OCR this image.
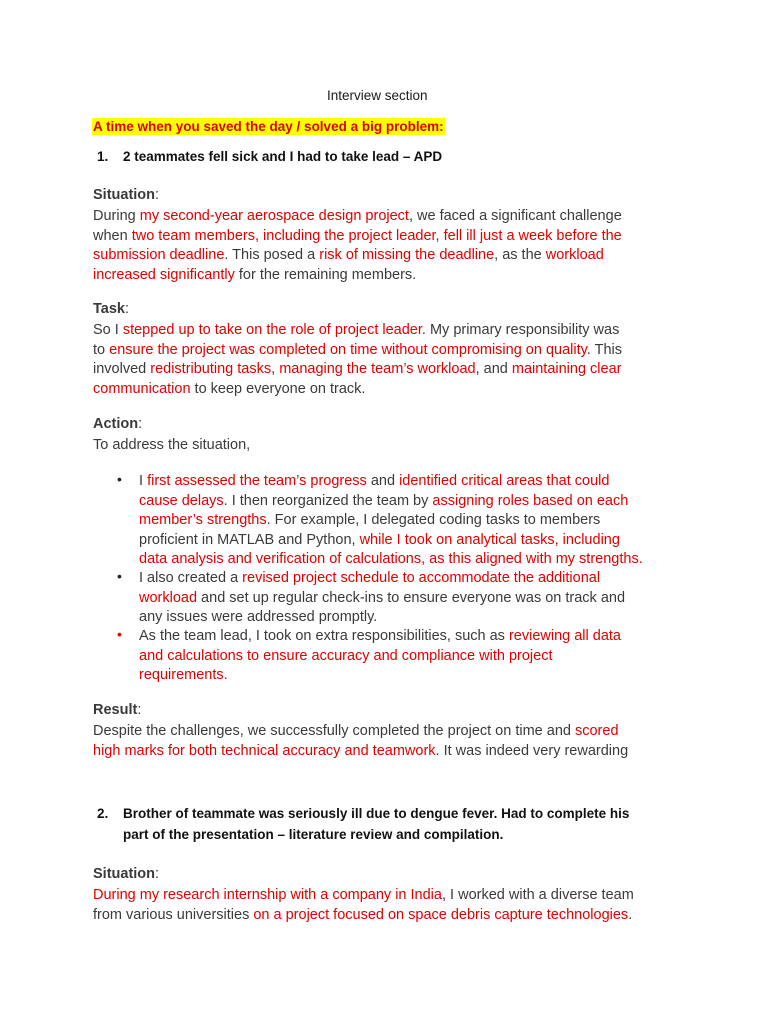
Interview section
A time when you saved the day / solved a big problem:
1. 2 teammates fell sick and I had to take lead – APD
Situation:
During my second-year aerospace design project, we faced a significant challenge
when two team members, including the project leader, fell ill just a week before the
submission deadline. This posed a risk of missing the deadline, as the workload
increased significantly for the remaining members.
Task:
So I stepped up to take on the role of project leader. My primary responsibility was
to ensure the project was completed on time without compromising on quality. This
involved redistributing tasks, managing the team’s workload, and maintaining clear
communication to keep everyone on track.
Action:
To address the situation,
• I first assessed the team’s progress and identified critical areas that could
cause delays. I then reorganized the team by assigning roles based on each
member’s strengths. For example, I delegated coding tasks to members
proficient in MATLAB and Python, while I took on analytical tasks, including
data analysis and verification of calculations, as this aligned with my strengths.
• I also created a revised project schedule to accommodate the additional
workload and set up regular check-ins to ensure everyone was on track and
any issues were addressed promptly.
• As the team lead, I took on extra responsibilities, such as reviewing all data
and calculations to ensure accuracy and compliance with project
requirements.
Result:
Despite the challenges, we successfully completed the project on time and scored
high marks for both technical accuracy and teamwork. It was indeed very rewarding
2. Brother of teammate was seriously ill due to dengue fever. Had to complete his
part of the presentation – literature review and compilation.
Situation:
During my research internship with a company in India, I worked with a diverse team
from various universities on a project focused on space debris capture technologies.
